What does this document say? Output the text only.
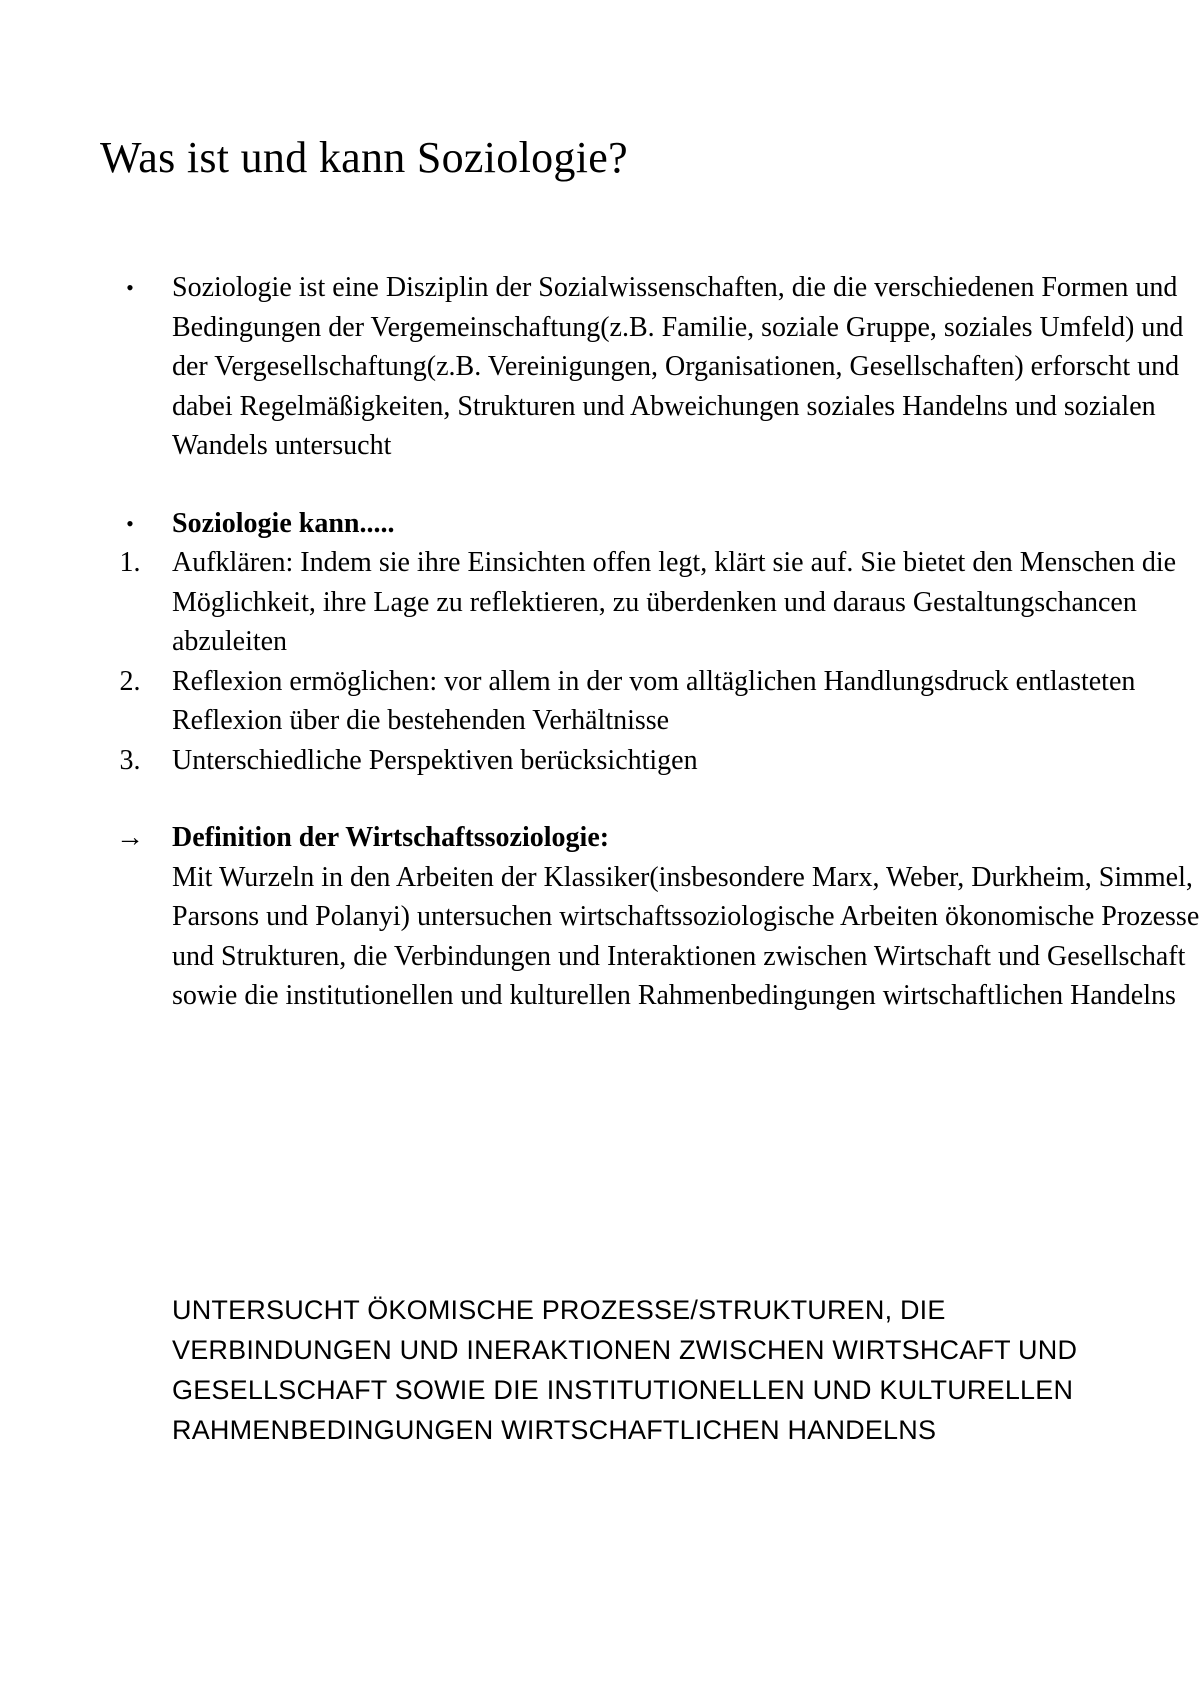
Was ist und kann Soziologie?
•	Soziologie ist eine Disziplin der Sozialwissenschaften, die die verschiedenen Formen und Bedingungen der Vergemeinschaftung(z.B. Familie, soziale Gruppe, soziales Umfeld) und der Vergesellschaftung(z.B. Vereinigungen, Organisationen, Gesellschaften) erforscht und dabei Regelmäßigkeiten, Strukturen und Abweichungen soziales Handelns und sozialen Wandels untersucht
•	Soziologie kann.....
1.	Aufklären: Indem sie ihre Einsichten offen legt, klärt sie auf. Sie bietet den Menschen die Möglichkeit, ihre Lage zu reflektieren, zu überdenken und daraus Gestaltungschancen abzuleiten
2.	Reflexion ermöglichen: vor allem in der vom alltäglichen Handlungsdruck entlasteten Reflexion über die bestehenden Verhältnisse
3.	Unterschiedliche Perspektiven berücksichtigen
→	Definition der Wirtschaftssoziologie:
Mit Wurzeln in den Arbeiten der Klassiker(insbesondere Marx, Weber, Durkheim, Simmel, Parsons und Polanyi) untersuchen wirtschaftssoziologische Arbeiten ökonomische Prozesse und Strukturen, die Verbindungen und Interaktionen zwischen Wirtschaft und Gesellschaft sowie die institutionellen und kulturellen Rahmenbedingungen wirtschaftlichen Handelns
UNTERSUCHT ÖKOMISCHE PROZESSE/STRUKTUREN, DIE VERBINDUNGEN UND INERAKTIONEN ZWISCHEN WIRTSHCAFT UND GESELLSCHAFT SOWIE DIE INSTITUTIONELLEN UND KULTURELLEN RAHMENBEDINGUNGEN WIRTSCHAFTLICHEN HANDELNS
